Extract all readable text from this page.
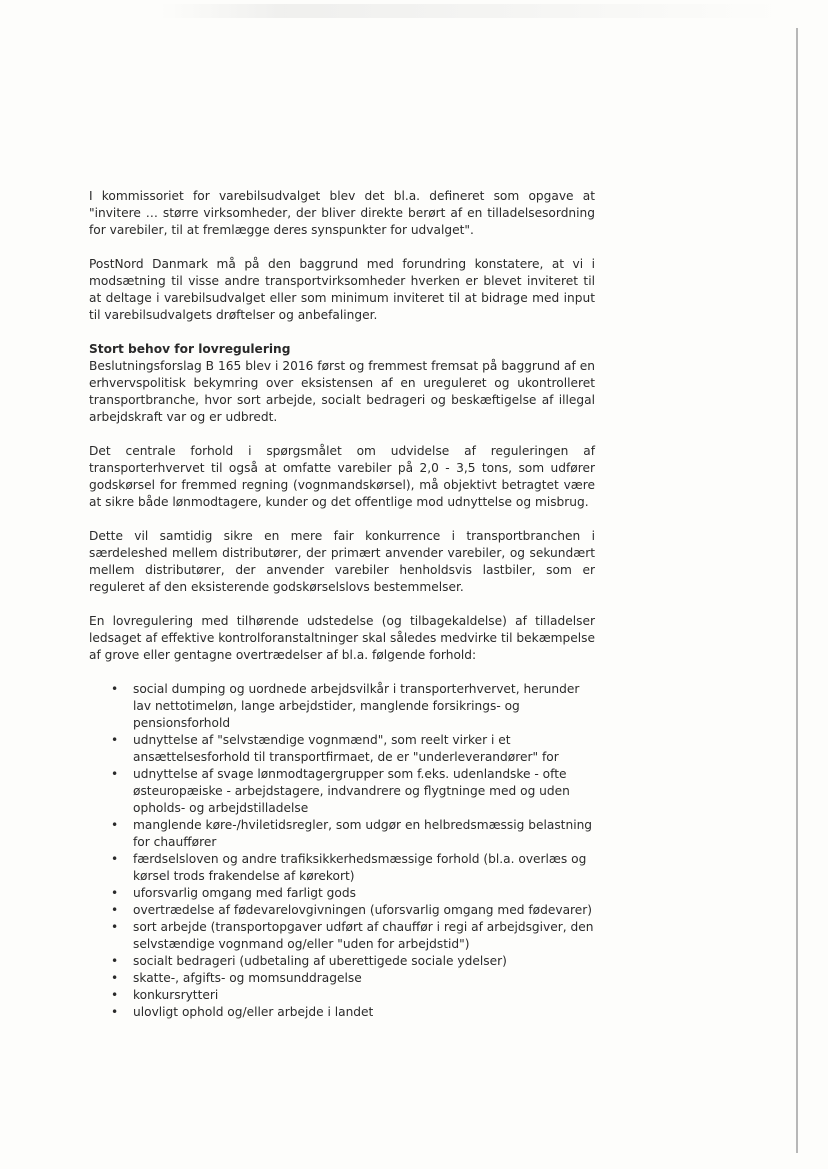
I kommissoriet for varebilsudvalget blev det bl.a. defineret som opgave at "invitere … større virksomheder, der bliver direkte berørt af en tilladelsesordning for varebiler, til at fremlægge deres synspunkter for udvalget".

PostNord Danmark må på den baggrund med forundring konstatere, at vi i modsætning til visse andre transportvirksomheder hverken er blevet inviteret til at deltage i varebilsudvalget eller som minimum inviteret til at bidrage med input til varebilsudvalgets drøftelser og anbefalinger.

Stort behov for lovregulering

Beslutningsforslag B 165 blev i 2016 først og fremmest fremsat på baggrund af en erhvervspolitisk bekymring over eksistensen af en ureguleret og ukontrolleret transportbranche, hvor sort arbejde, socialt bedrageri og beskæftigelse af illegal arbejdskraft var og er udbredt.

Det centrale forhold i spørgsmålet om udvidelse af reguleringen af transporterhvervet til også at omfatte varebiler på 2,0 - 3,5 tons, som udfører godskørsel for fremmed regning (vognmandskørsel), må objektivt betragtet være at sikre både lønmodtagere, kunder og det offentlige mod udnyttelse og misbrug.

Dette vil samtidig sikre en mere fair konkurrence i transportbranchen i særdeleshed mellem distributører, der primært anvender varebiler, og sekundært mellem distributører, der anvender varebiler henholdsvis lastbiler, som er reguleret af den eksisterende godskørselslovs bestemmelser.

En lovregulering med tilhørende udstedelse (og tilbagekaldelse) af tilladelser ledsaget af effektive kontrolforanstaltninger skal således medvirke til bekæmpelse af grove eller gentagne overtrædelser af bl.a. følgende forhold:

• social dumping og uordnede arbejdsvilkår i transporterhvervet, herunder lav nettotimeløn, lange arbejdstider, manglende forsikrings- og pensionsforhold
• udnyttelse af "selvstændige vognmænd", som reelt virker i et ansættelsesforhold til transportfirmaet, de er "underleverandører" for
• udnyttelse af svage lønmodtagergrupper som f.eks. udenlandske - ofte østeuropæiske - arbejdstagere, indvandrere og flygtninge med og uden opholds- og arbejdstilladelse
• manglende køre-/hviletidsregler, som udgør en helbredsmæssig belastning for chauffører
• færdselsloven og andre trafiksikkerhedsmæssige forhold (bl.a. overlæs og kørsel trods frakendelse af kørekort)
• uforsvarlig omgang med farligt gods
• overtrædelse af fødevarelovgivningen (uforsvarlig omgang med fødevarer)
• sort arbejde (transportopgaver udført af chauffør i regi af arbejdsgiver, den selvstændige vognmand og/eller "uden for arbejdstid")
• socialt bedrageri (udbetaling af uberettigede sociale ydelser)
• skatte-, afgifts- og momsunddragelse
• konkursrytteri
• ulovligt ophold og/eller arbejde i landet
